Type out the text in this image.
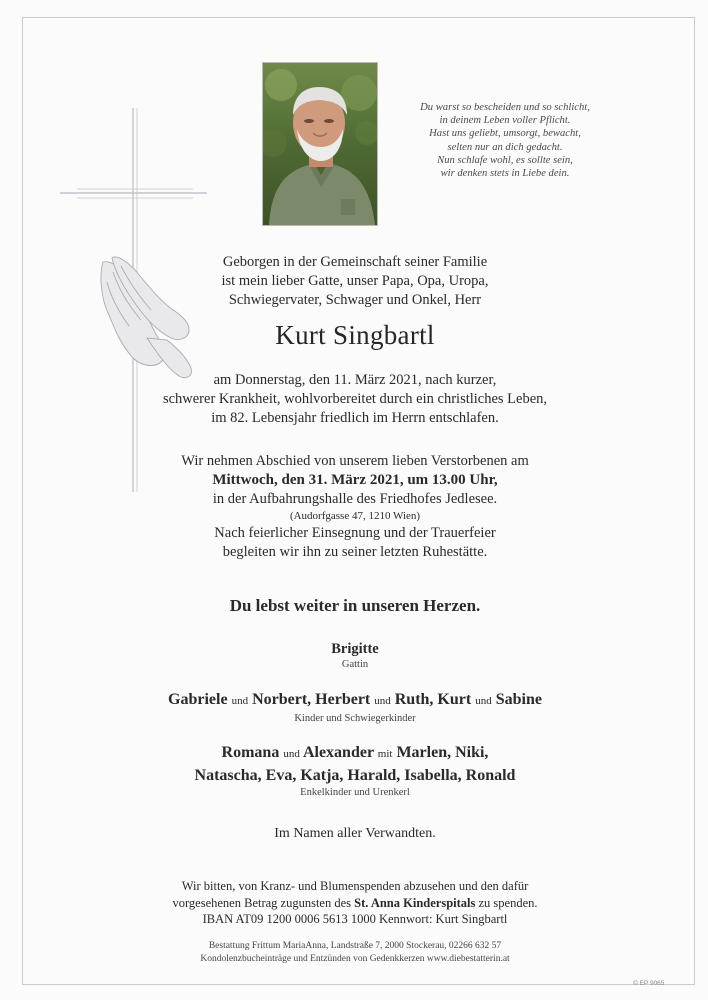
Du warst so bescheiden und so schlicht,
in deinem Leben voller Pflicht.
Hast uns geliebt, umsorgt, bewacht,
selten nur an dich gedacht.
Nun schlafe wohl, es sollte sein,
wir denken stets in Liebe dein.
Geborgen in der Gemeinschaft seiner Familie
ist mein lieber Gatte, unser Papa, Opa, Uropa,
Schwiegervater, Schwager und Onkel, Herr
Kurt Singbartl
am Donnerstag, den 11. März 2021, nach kurzer,
schwerer Krankheit, wohlvorbereitet durch ein christliches Leben,
im 82. Lebensjahr friedlich im Herrn entschlafen.
Wir nehmen Abschied von unserem lieben Verstorbenen am
Mittwoch, den 31. März 2021, um 13.00 Uhr,
in der Aufbahrungshalle des Friedhofes Jedlesee.
(Audorfgasse 47, 1210 Wien)
Nach feierlicher Einsegnung und der Trauerfeier
begleiten wir ihn zu seiner letzten Ruhestätte.
Du lebst weiter in unseren Herzen.
Brigitte
Gattin
Gabriele und Norbert, Herbert und Ruth, Kurt und Sabine
Kinder und Schwiegerkinder
Romana und Alexander mit Marlen, Niki,
Natascha, Eva, Katja, Harald, Isabella, Ronald
Enkelkinder und Urenkerl
Im Namen aller Verwandten.
Wir bitten, von Kranz- und Blumenspenden abzusehen und den dafür
vorgesehenen Betrag zugunsten des St. Anna Kinderspitals zu spenden.
IBAN AT09 1200 0006 5613 1000 Kennwort: Kurt Singbartl
Bestattung Frittum MariaAnna, Landstraße 7, 2000 Stockerau, 02266 632 57
Kondolenzbucheinträge und Entzünden von Gedenkkerzen www.diebestatterin.at
© EP 9065
